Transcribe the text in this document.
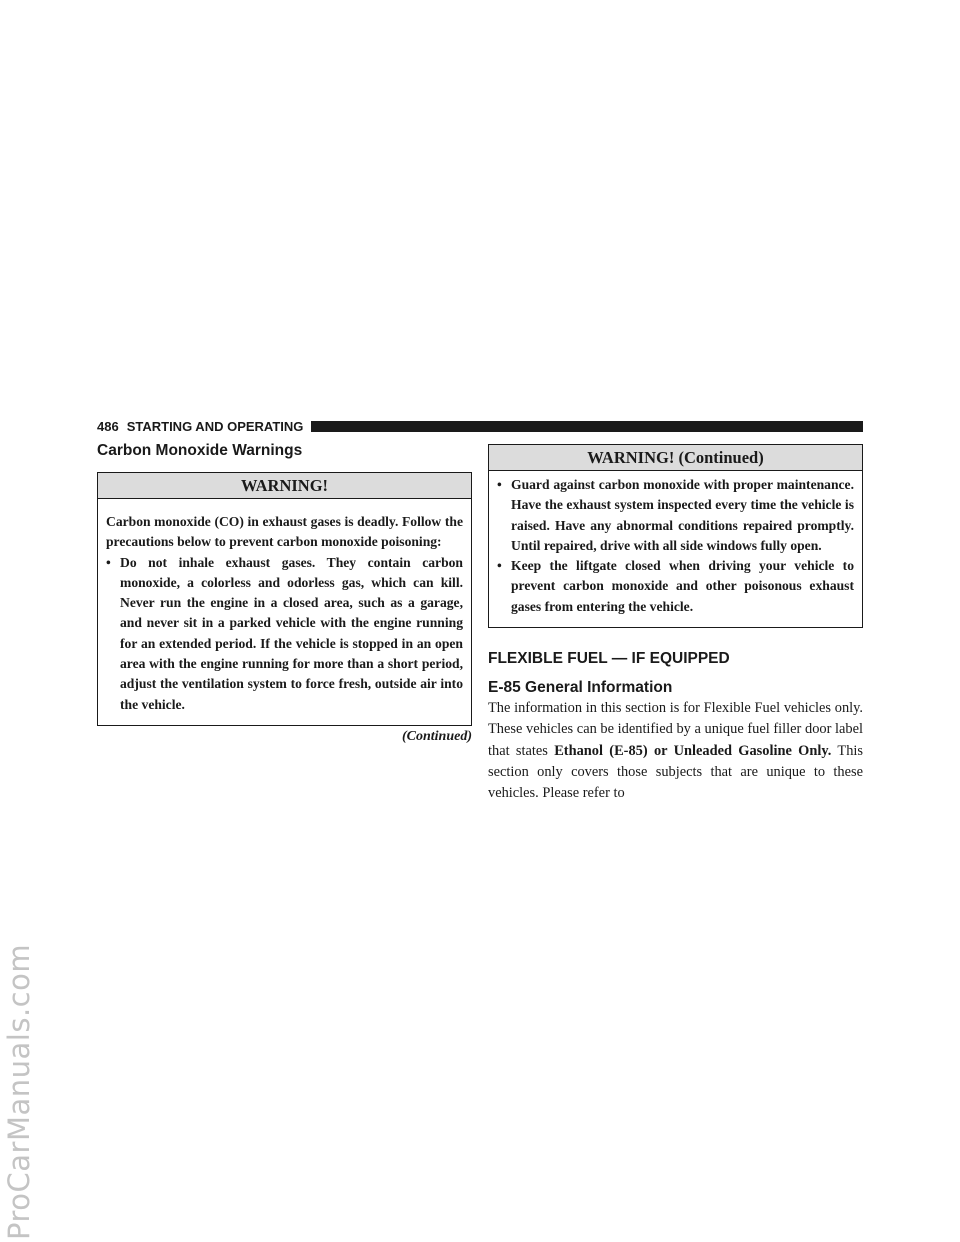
ProCarManuals.com
486 STARTING AND OPERATING
Carbon Monoxide Warnings
WARNING!

Carbon monoxide (CO) in exhaust gases is deadly. Follow the precautions below to prevent carbon monoxide poisoning:

• Do not inhale exhaust gases. They contain carbon monoxide, a colorless and odorless gas, which can kill. Never run the engine in a closed area, such as a garage, and never sit in a parked vehicle with the engine running for an extended period. If the vehicle is stopped in an open area with the engine running for more than a short period, adjust the ventilation system to force fresh, outside air into the vehicle.
(Continued)
WARNING! (Continued)
• Guard against carbon monoxide with proper maintenance. Have the exhaust system inspected every time the vehicle is raised. Have any abnormal conditions repaired promptly. Until repaired, drive with all side windows fully open.
• Keep the liftgate closed when driving your vehicle to prevent carbon monoxide and other poisonous exhaust gases from entering the vehicle.
FLEXIBLE FUEL — IF EQUIPPED
E-85 General Information

The information in this section is for Flexible Fuel vehicles only. These vehicles can be identified by a unique fuel filler door label that states Ethanol (E-85) or Unleaded Gasoline Only. This section only covers those subjects that are unique to these vehicles. Please refer to
